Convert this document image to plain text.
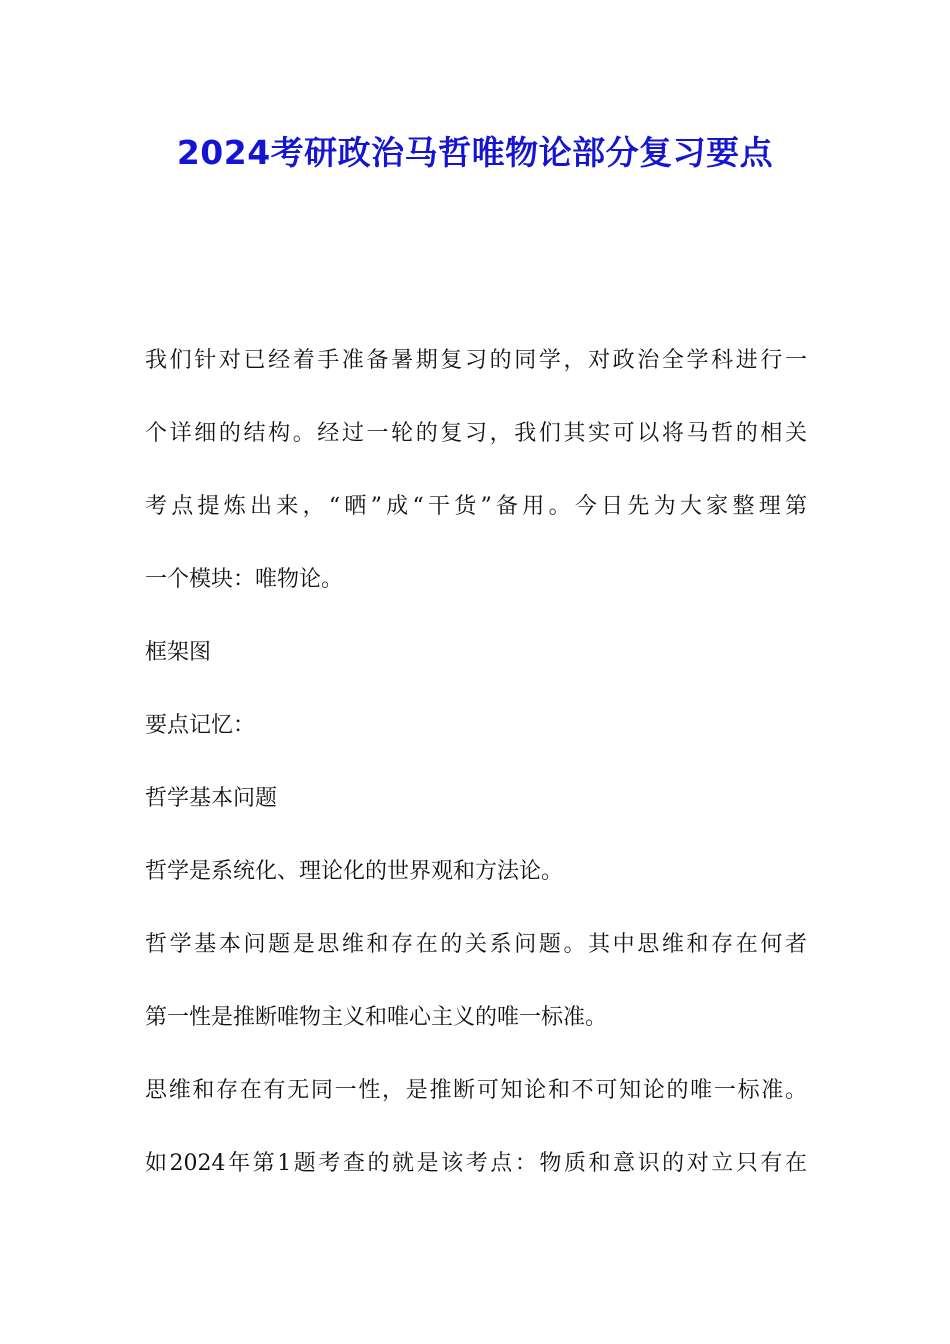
2024考研政治马哲唯物论部分复习要点
我们针对已经着手准备暑期复习的同学，对政治全学科进行一
个详细的结构。经过一轮的复习，我们其实可以将马哲的相关
考点提炼出来，“晒”成“干货”备用。今日先为大家整理第
一个模块：唯物论。
框架图
要点记忆：
哲学基本问题
哲学是系统化、理论化的世界观和方法论。
哲学基本问题是思维和存在的关系问题。其中思维和存在何者
第一性是推断唯物主义和唯心主义的唯一标准。
思维和存在有无同一性，是推断可知论和不可知论的唯一标准。
如2024年第1题考查的就是该考点：物质和意识的对立只有在
